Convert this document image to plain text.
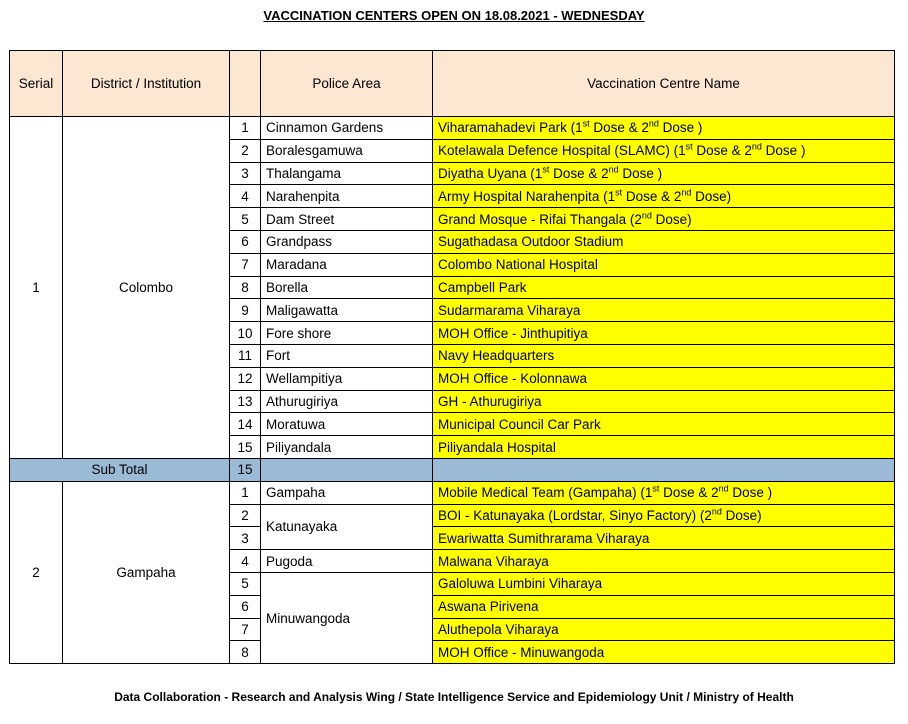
VACCINATION CENTERS OPEN ON 18.08.2021 - WEDNESDAY
Serial	District / Institution		Police Area	Vaccination Centre Name
1	Colombo	1	Cinnamon Gardens	Viharamahadevi Park (1st Dose & 2nd Dose )
		2	Boralesgamuwa	Kotelawala Defence Hospital (SLAMC) (1st Dose & 2nd Dose )
		3	Thalangama	Diyatha Uyana (1st Dose & 2nd Dose )
		4	Narahenpita	Army Hospital Narahenpita (1st Dose & 2nd Dose)
		5	Dam Street	Grand Mosque - Rifai Thangala (2nd Dose)
		6	Grandpass	Sugathadasa Outdoor Stadium
		7	Maradana	Colombo National Hospital
		8	Borella	Campbell Park
		9	Maligawatta	Sudarmarama Viharaya
		10	Fore shore	MOH Office - Jinthupitiya
		11	Fort	Navy Headquarters
		12	Wellampitiya	MOH Office - Kolonnawa
		13	Athurugiriya	GH - Athurugiriya
		14	Moratuwa	Municipal Council Car Park
		15	Piliyandala	Piliyandala Hospital
Sub Total		15		
2	Gampaha	1	Gampaha	Mobile Medical Team (Gampaha) (1st Dose & 2nd Dose )
		2	Katunayaka	BOI - Katunayaka (Lordstar, Sinyo Factory) (2nd Dose)
		3		Ewariwatta Sumithrarama Viharaya
		4	Pugoda	Malwana Viharaya
		5	Minuwangoda	Galoluwa Lumbini Viharaya
		6		Aswana Pirivena
		7		Aluthepola Viharaya
		8		MOH Office - Minuwangoda
Data Collaboration - Research and Analysis Wing / State Intelligence Service and Epidemiology Unit / Ministry of Health
